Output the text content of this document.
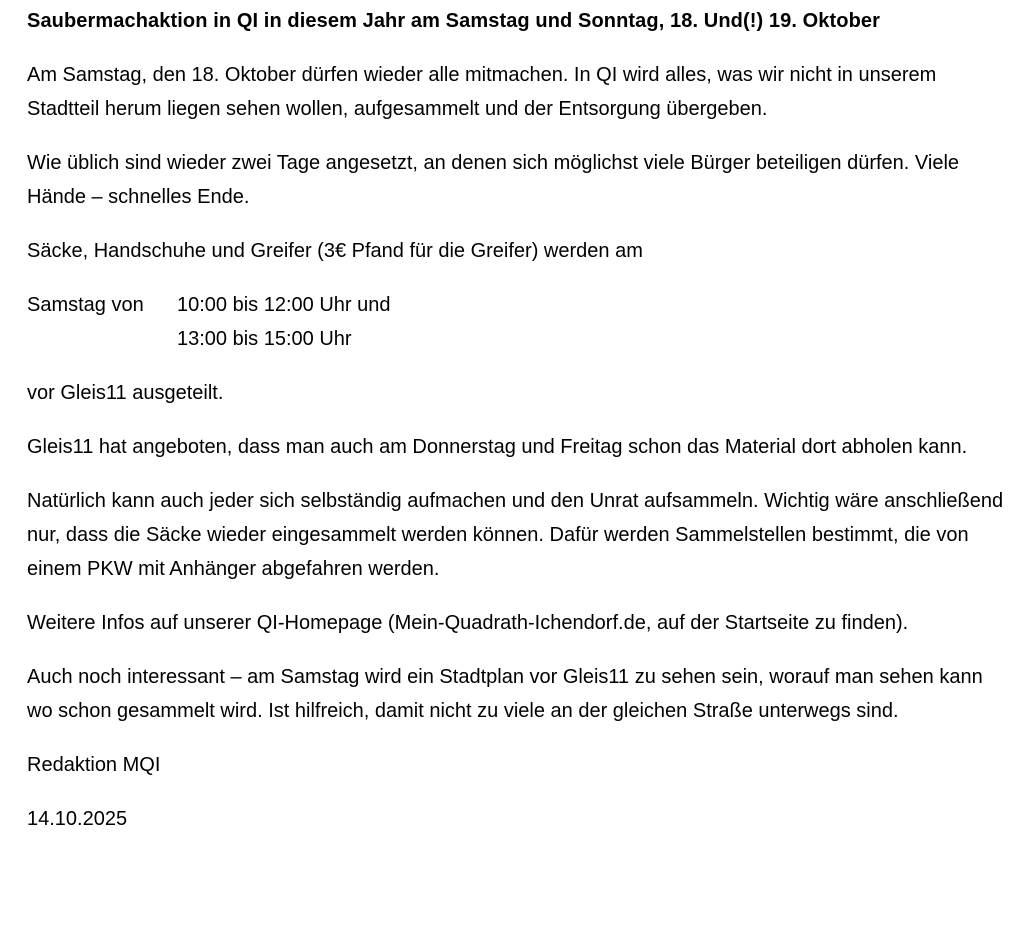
Saubermachaktion in QI in diesem Jahr am Samstag und Sonntag, 18. Und(!) 19. Oktober

Am Samstag, den 18. Oktober dürfen wieder alle mitmachen. In QI wird alles, was wir nicht in unserem Stadtteil herum liegen sehen wollen, aufgesammelt und der Entsorgung übergeben.

Wie üblich sind wieder zwei Tage angesetzt, an denen sich möglichst viele Bürger beteiligen dürfen. Viele Hände – schnelles Ende.

Säcke, Handschuhe und Greifer (3€ Pfand für die Greifer) werden am

Samstag von	10:00 bis 12:00 Uhr und
13:00 bis 15:00 Uhr

vor Gleis11 ausgeteilt.

Gleis11 hat angeboten, dass man auch am Donnerstag und Freitag schon das Material dort abholen kann.

Natürlich kann auch jeder sich selbständig aufmachen und den Unrat aufsammeln. Wichtig wäre anschließend nur, dass die Säcke wieder eingesammelt werden können. Dafür werden Sammelstellen bestimmt, die von einem PKW mit Anhänger abgefahren werden.

Weitere Infos auf unserer QI-Homepage (Mein-Quadrath-Ichendorf.de, auf der Startseite zu finden).

Auch noch interessant – am Samstag wird ein Stadtplan vor Gleis11 zu sehen sein, worauf man sehen kann wo schon gesammelt wird. Ist hilfreich, damit nicht zu viele an der gleichen Straße unterwegs sind.

Redaktion MQI

14.10.2025
